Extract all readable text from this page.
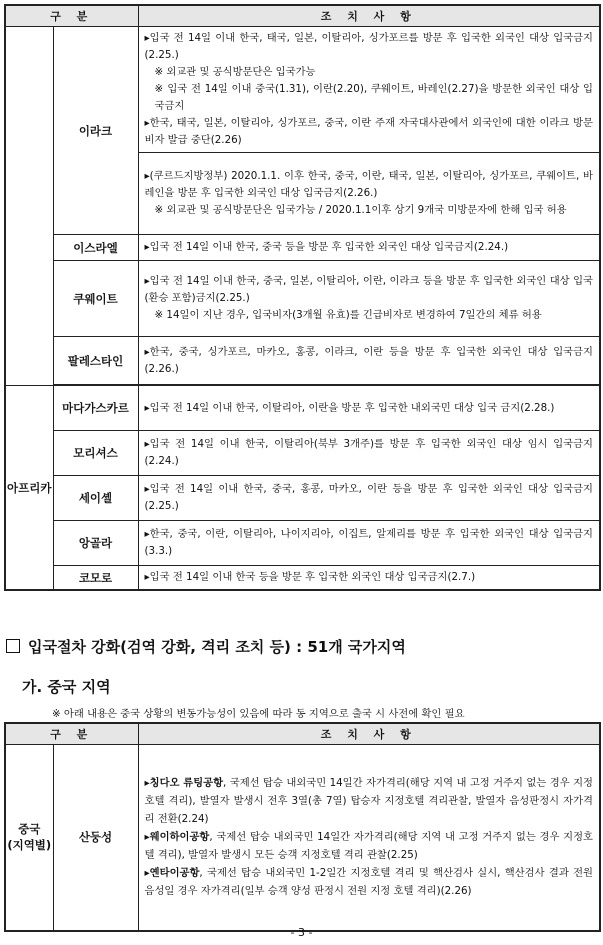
구 분		조 치 사 항
	이라크	▸입국 전 14일 이내 한국, 태국, 일본, 이탈리아, 싱가포르를 방문 후 입국한 외국인 대상 입국금지(2.25.)
※ 외교관 및 공식방문단은 입국가능
※ 입국 전 14일 이내 중국(1.31), 이란(2.20), 쿠웨이트, 바레인(2.27)을 방문한 외국인 대상 입국금지
▸한국, 태국, 일본, 이탈리아, 싱가포르, 중국, 이란 주재 자국대사관에서 외국인에 대한 이라크 방문비자 발급 중단(2.26)

		▸(쿠르드지방정부) 2020.1.1. 이후 한국, 중국, 이란, 태국, 일본, 이탈리아, 싱가포르, 쿠웨이트, 바레인을 방문 후 입국한 외국인 대상 입국금지(2.26.)
※ 외교관 및 공식방문단은 입국가능 / 2020.1.1이후 상기 9개국 미방문자에 한해 입국 허용

	이스라엘	▸입국 전 14일 이내 한국, 중국 등을 방문 후 입국한 외국인 대상 입국금지(2.24.)

	쿠웨이트	▸입국 전 14일 이내 한국, 중국, 일본, 이탈리아, 이란, 이라크 등을 방문 후 입국한 외국인 대상 입국(환승 포함)금지(2.25.)
※ 14일이 지난 경우, 입국비자(3개월 유효)를 긴급비자로 변경하여 7일간의 체류 허용

	팔레스타인	▸한국, 중국, 싱가포르, 마카오, 홍콩, 이라크, 이란 등을 방문 후 입국한 외국인 대상 입국금지(2.26.)

아프리카	마다가스카르	▸입국 전 14일 이내 한국, 이탈리아, 이란을 방문 후 입국한 내외국민 대상 입국 금지(2.28.)

	모리셔스	▸입국 전 14일 이내 한국, 이탈리아(북부 3개주)를 방문 후 입국한 외국인 대상 임시 입국금지(2.24.)

	세이셸	▸입국 전 14일 이내 한국, 중국, 홍콩, 마카오, 이란 등을 방문 후 입국한 외국인 대상 입국금지(2.25.)

	앙골라	▸한국, 중국, 이란, 이탈리아, 나이지리아, 이집트, 알제리를 방문 후 입국한 외국인 대상 입국금지(3.3.)

	코모로	▸입국 전 14일 이내 한국 등을 방문 후 입국한 외국인 대상 입국금지(2.7.)
입국절차 강화(검역 강화, 격리 조치 등) : 51개 국가지역
가. 중국 지역
※ 아래 내용은 중국 상황의 변동가능성이 있음에 따라 동 지역으로 출국 시 사전에 확인 필요
구 분		조 치 사 항

중국
(지역별)	산둥성	▸칭다오 류팅공항, 국제선 탑승 내외국민 14일간 자가격리(해당 지역 내 고정 거주지 없는 경우 지정호텔 격리), 발열자 발생시 전후 3열(총 7열) 탑승자 지정호텔 격리관찰, 발열자 음성판정시 자가격리 전환(2.24)
▸웨이하이공항, 국제선 탑승 내외국민 14일간 자가격리(해당 지역 내 고정 거주지 없는 경우 지정호텔 격리), 발열자 발생시 모든 승객 지정호텔 격리 관찰(2.25)
▸옌타이공항, 국제선 탑승 내외국민 1-2일간 지정호텔 격리 및 핵산검사 실시, 핵산검사 결과 전원 음성일 경우 자가격리(일부 승객 양성 판정시 전원 지정 호텔 격리)(2.26)
- 3 -
